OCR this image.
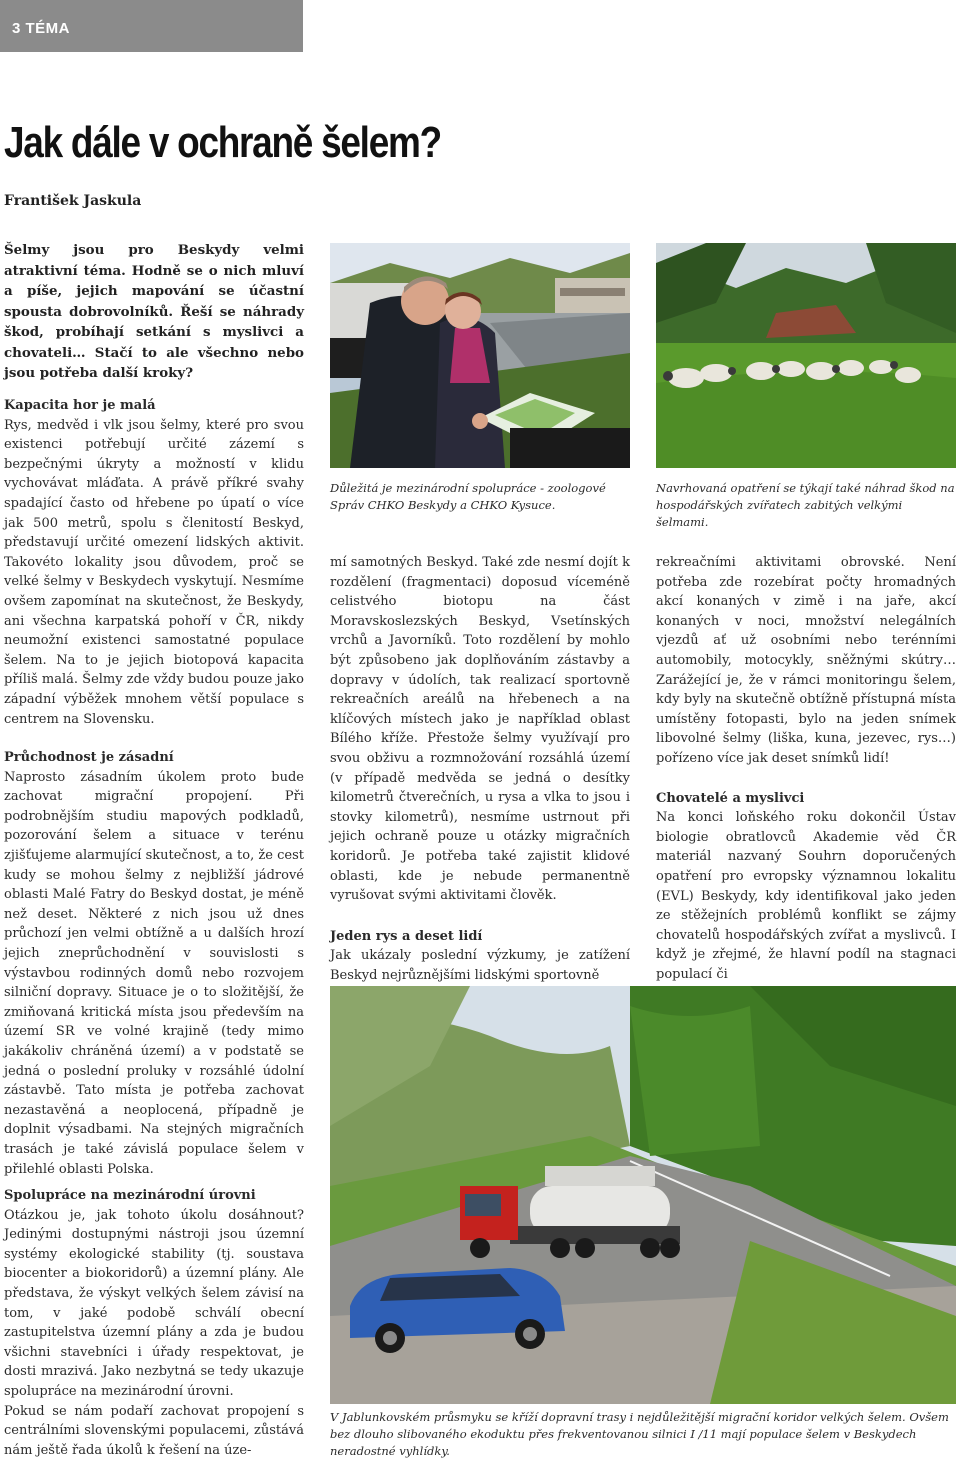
3 TÉMA
Jak dále v ochraně šelem?
František Jaskula
Šelmy jsou pro Beskydy velmi atraktivní téma. Hodně se o nich mluví a píše, jejich mapování se účastní spousta dobrovolníků. Řeší se náhrady škod, probíhají setkání s myslivci a chovateli… Stačí to ale všechno nebo jsou potřeba další kroky?
Kapacita hor je malá

Rys, medvěd i vlk jsou šelmy, které pro svou existenci potřebují určité zázemí s bezpečnými úkryty a možností v klidu vychovávat mláďata. A právě příkré svahy spadající často od hřebene po úpatí o více jak 500 metrů, spolu s členitostí Beskyd, představují určité omezení lidských aktivit. Takovéto lokality jsou důvodem, proč se velké šelmy v Beskydech vyskytují. Nesmíme ovšem zapomínat na skutečnost, že Beskydy, ani všechna karpatská pohoří v ČR, nikdy neumožní existenci samostatné populace šelem. Na to je jejich biotopová kapacita příliš malá. Šelmy zde vždy budou pouze jako západní výběžek mnohem větší populace s centrem na Slovensku.

Průchodnost je zásadní

Naprosto zásadním úkolem proto bude zachovat migrační propojení. Při podrobnějším studiu mapových podkladů, pozorování šelem a situace v terénu zjišťujeme alarmující skutečnost, a to, že cest kudy se mohou šelmy z nejbližší jádrové oblasti Malé Fatry do Beskyd dostat, je méně než deset. Některé z nich jsou už dnes průchozí jen velmi obtížně a u dalších hrozí jejich zneprůchodnění v souvislosti s výstavbou rodinných domů nebo rozvojem silniční dopravy. Situace je o to složitější, že zmiňovaná kritická místa jsou především na území SR ve volné krajině (tedy mimo jakákoliv chráněná území) a v podstatě se jedná o poslední proluky v rozsáhlé údolní zástavbě. Tato místa je potřeba zachovat nezastavěná a neoplocená, případně je doplnit výsadbami. Na stejných migračních trasách je také závislá populace šelem v přilehlé oblasti Polska.

Spolupráce na mezinárodní úrovni

Otázkou je, jak tohoto úkolu dosáhnout? Jedinými dostupnými nástroji jsou územní systémy ekologické stability (tj. soustava biocenter a biokoridorů) a územní plány. Ale představa, že výskyt velkých šelem závisí na tom, v jaké podobě schválí obecní zastupitelstva územní plány a zda je budou všichni stavebníci i úřady respektovat, je dosti mrazivá. Jako nezbytná se tedy ukazuje spolupráce na mezinárodní úrovni.

Pokud se nám podaří zachovat propojení s centrálními slovenskými populacemi, zůstává nám ještě řada úkolů k řešení na úze-

Důležitá je mezinárodní spolupráce - zoologové Správ CHKO Beskydy a CHKO Kysuce.
Navrhovaná opatření se týkají také náhrad škod na hospodářských zvířatech zabitých velkými šelmami.

mí samotných Beskyd. Také zde nesmí dojít k rozdělení (fragmentaci) doposud víceméně celistvého biotopu na část Moravskoslezských Beskyd, Vsetínských vrchů a Javorníků. Toto rozdělení by mohlo být způsobeno jak doplňováním zástavby a dopravy v údolích, tak realizací sportovně rekreačních areálů na hřebenech a na klíčových místech jako je například oblast Bílého kříže. Přestože šelmy využívají pro svou obživu a rozmnožování rozsáhlá území (v případě medvěda se jedná o desítky kilometrů čtverečních, u rysa a vlka to jsou i stovky kilometrů), nesmíme ustrnout při jejich ochraně pouze u otázky migračních koridorů. Je potřeba také zajistit klidové oblasti, kde je nebude permanentně vyrušovat svými aktivitami člověk.

Jeden rys a deset lidí

Jak ukázaly poslední výzkumy, je zatížení Beskyd nejrůznějšími lidskými sportovně

rekreačními aktivitami obrovské. Není potřeba zde rozebírat počty hromadných akcí konaných v zimě i na jaře, akcí konaných v noci, množství nelegálních vjezdů ať už osobními nebo terénními automobily, motocykly, sněžnými skútry… Zarážející je, že v rámci monitoringu šelem, kdy byly na skutečně obtížně přístupná místa umístěny fotopasti, bylo na jeden snímek libovolné šelmy (liška, kuna, jezevec, rys…) pořízeno více jak deset snímků lidí!

Chovatelé a myslivci

Na konci loňského roku dokončil Ústav biologie obratlovců Akademie věd ČR materiál nazvaný Souhrn doporučených opatření pro evropsky významnou lokalitu (EVL) Beskydy, kdy identifikoval jako jeden ze stěžejních problémů konflikt se zájmy chovatelů hospodářských zvířat a myslivců. I když je zřejmé, že hlavní podíl na stagnaci populací či

V Jablunkovském průsmyku se kříží dopravní trasy i nejdůležitější migrační koridor velkých šelem. Ovšem bez dlouho slibovaného ekoduktu přes frekventovanou silnici I /11 mají populace šelem v Beskydech neradostné vyhlídky.
